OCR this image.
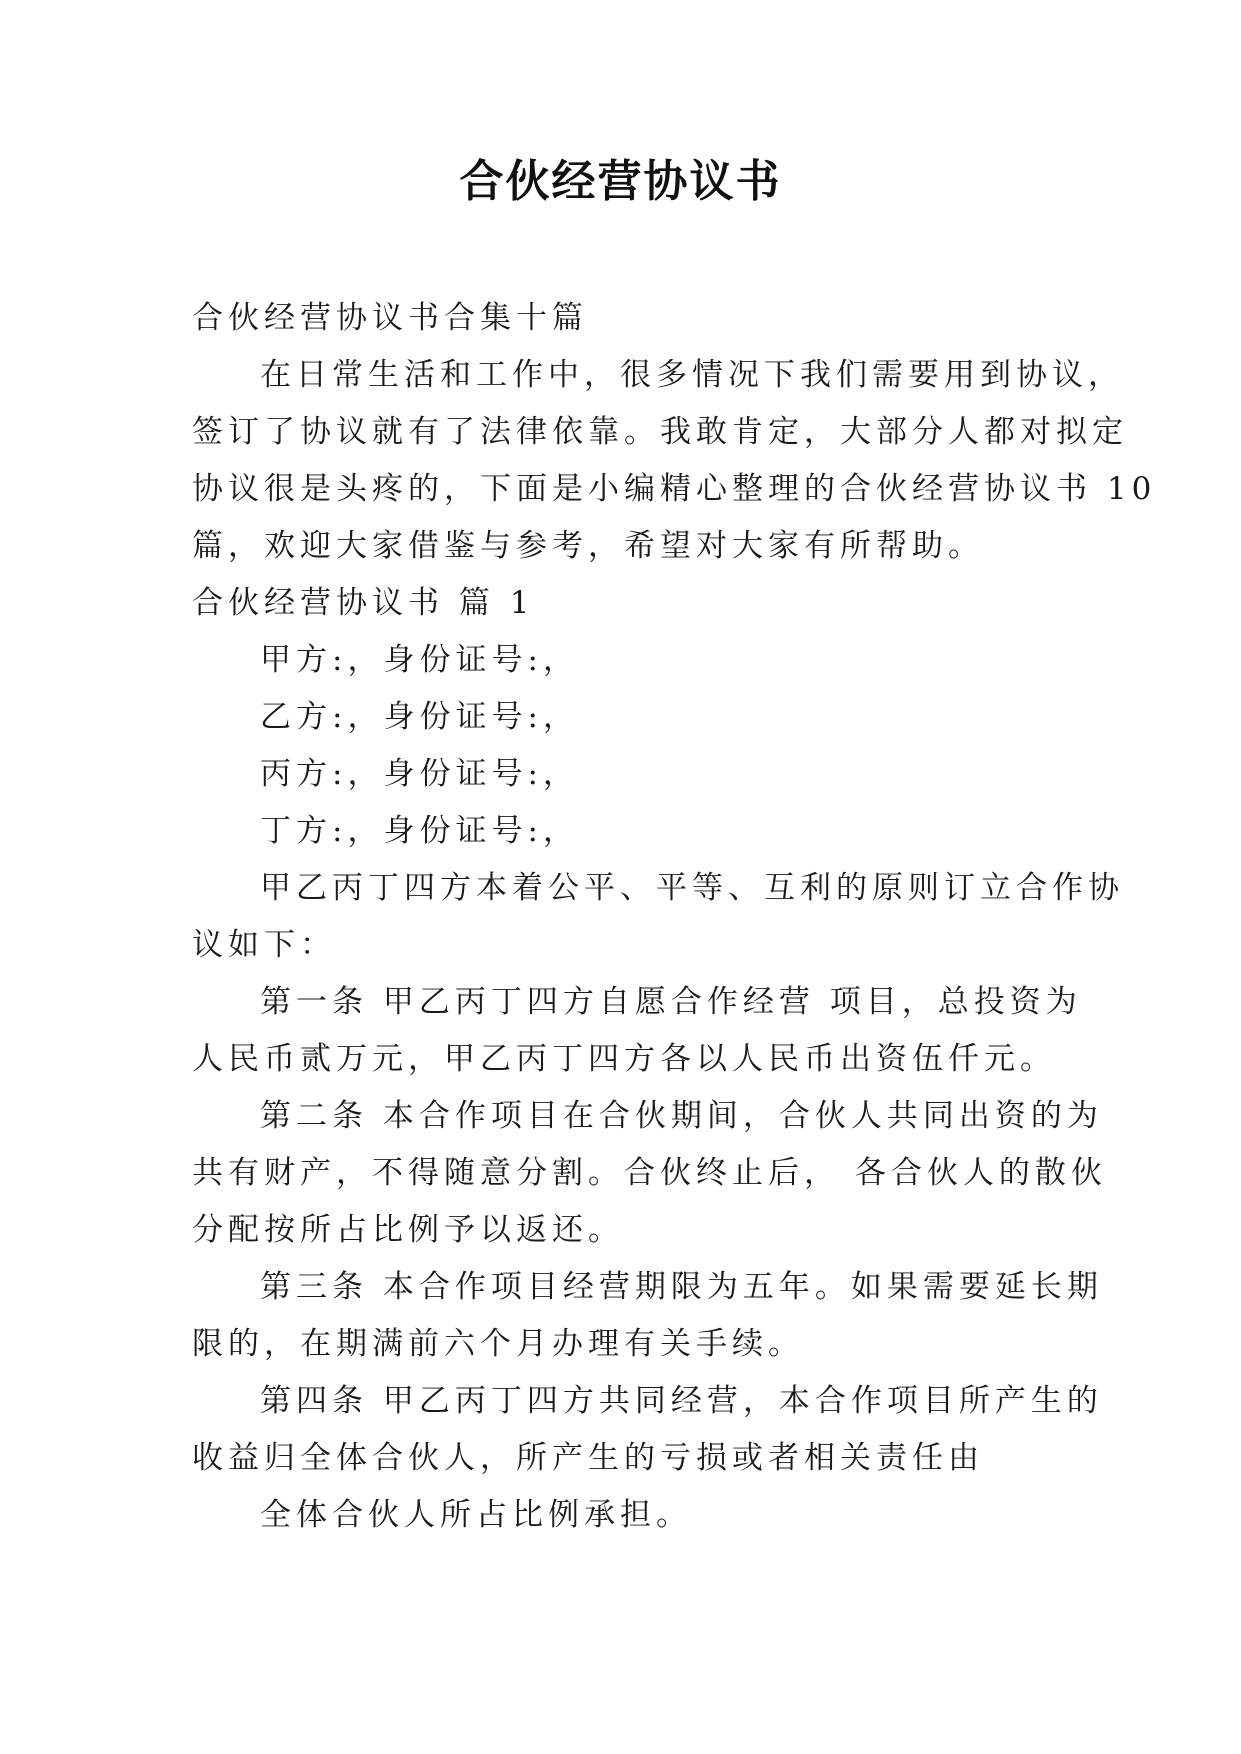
合伙经营协议书
合伙经营协议书合集十篇
在日常生活和工作中，很多情况下我们需要用到协议，
签订了协议就有了法律依靠。我敢肯定，大部分人都对拟定
协议很是头疼的，下面是小编精心整理的合伙经营协议书 10
篇，欢迎大家借鉴与参考，希望对大家有所帮助。
合伙经营协议书 篇 1
甲方:，身份证号:，
乙方:，身份证号:，
丙方:，身份证号:，
丁方:，身份证号:，
甲乙丙丁四方本着公平、平等、互利的原则订立合作协
议如下：
第一条 甲乙丙丁四方自愿合作经营 项目，总投资为
人民币贰万元，甲乙丙丁四方各以人民币出资伍仟元。
第二条 本合作项目在合伙期间，合伙人共同出资的为
共有财产，不得随意分割。合伙终止后， 各合伙人的散伙
分配按所占比例予以返还。
第三条 本合作项目经营期限为五年。如果需要延长期
限的，在期满前六个月办理有关手续。
第四条 甲乙丙丁四方共同经营，本合作项目所产生的
收益归全体合伙人，所产生的亏损或者相关责任由
全体合伙人所占比例承担。
